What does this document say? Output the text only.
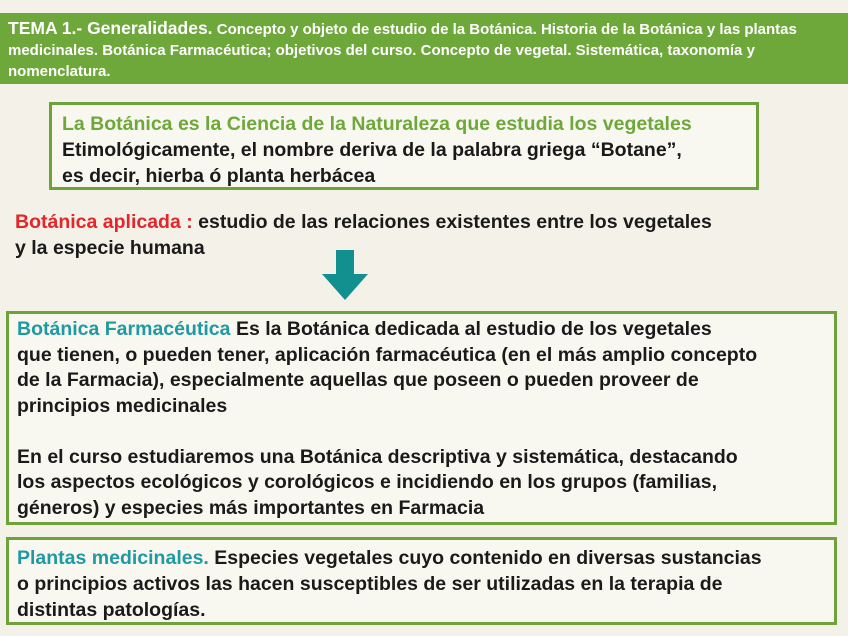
TEMA 1.- Generalidades. Concepto y objeto de estudio de la Botánica. Historia de la Botánica y las plantas medicinales. Botánica Farmacéutica; objetivos del curso. Concepto de vegetal. Sistemática, taxonomía y nomenclatura.
La Botánica es la Ciencia de la Naturaleza que estudia los vegetales
Etimológicamente, el nombre deriva de la palabra griega “Botane”,
es decir, hierba ó planta herbácea
Botánica aplicada : estudio de las relaciones existentes entre los vegetales
y la especie humana

Botánica Farmacéutica Es la Botánica dedicada al estudio de los vegetales
que tienen, o pueden tener, aplicación farmacéutica (en el más amplio concepto
de la Farmacia), especialmente aquellas que poseen o pueden proveer de
principios medicinales

En el curso estudiaremos una Botánica descriptiva y sistemática, destacando
los aspectos ecológicos y corológicos e incidiendo en los grupos (familias,
géneros) y especies más importantes en Farmacia

Plantas medicinales. Especies vegetales cuyo contenido en diversas sustancias
o principios activos las hacen susceptibles de ser utilizadas en la terapia de
distintas patologías.
